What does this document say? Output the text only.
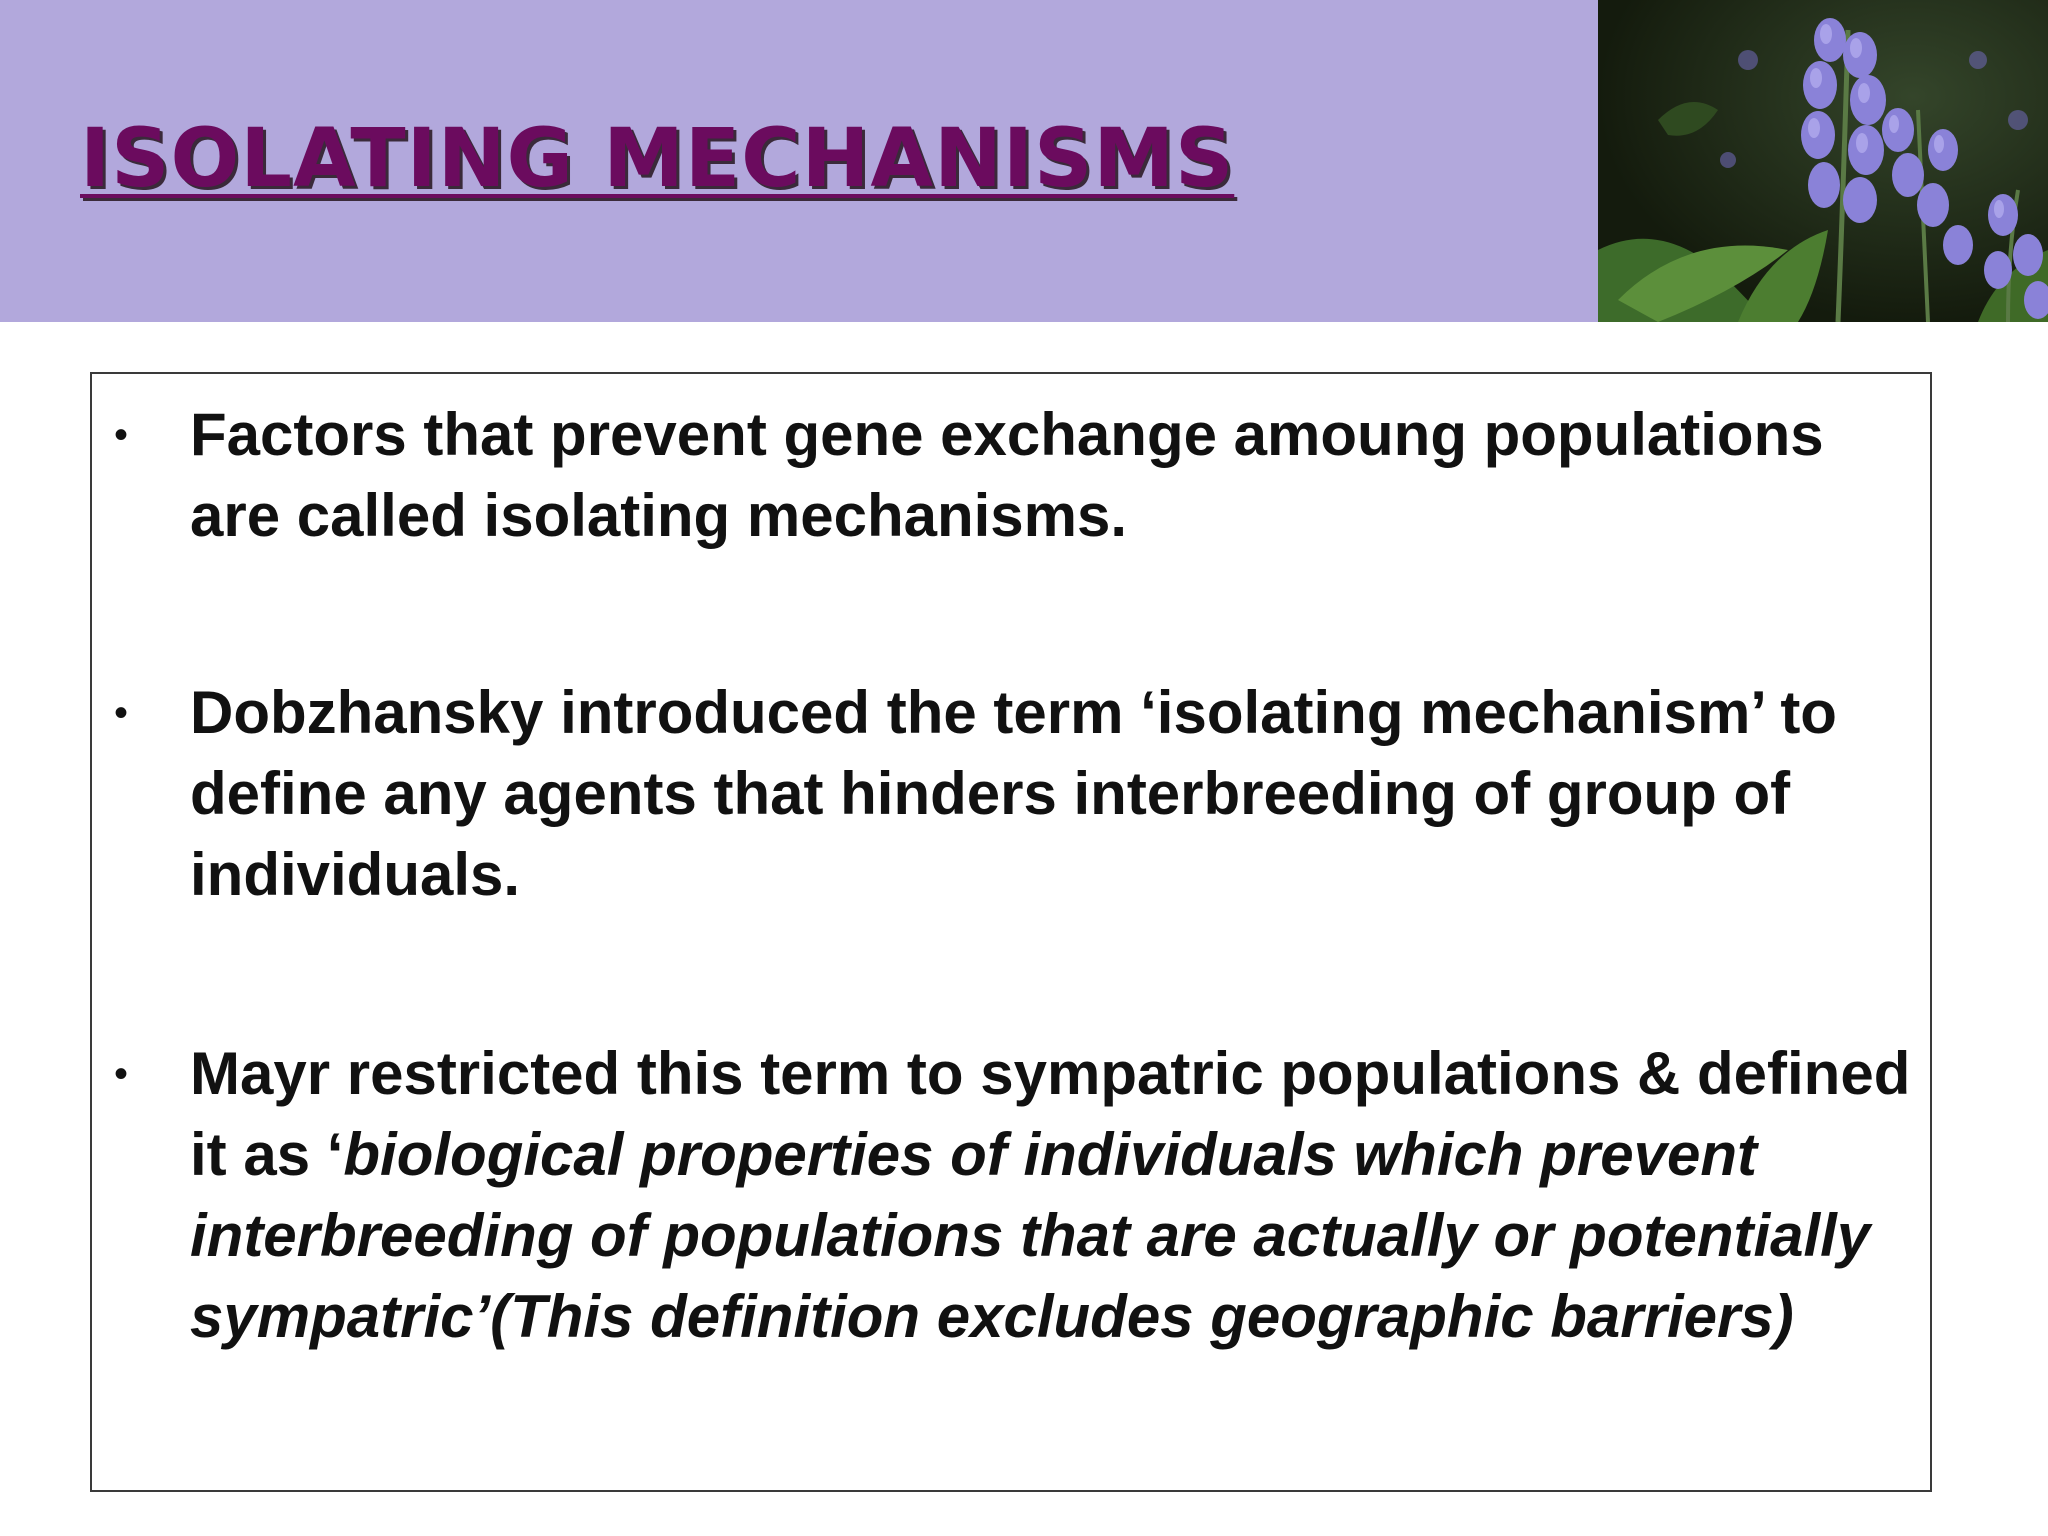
ISOLATING MECHANISMS
• Factors that prevent gene exchange amoung populations are called isolating mechanisms.
• Dobzhansky introduced the term ‘isolating mechanism’ to define any agents that hinders interbreeding of group of individuals.
• Mayr restricted this term to sympatric populations & defined it as ‘biological properties of individuals which prevent interbreeding of populations that are actually or potentially sympatric’(This definition excludes geographic barriers)
